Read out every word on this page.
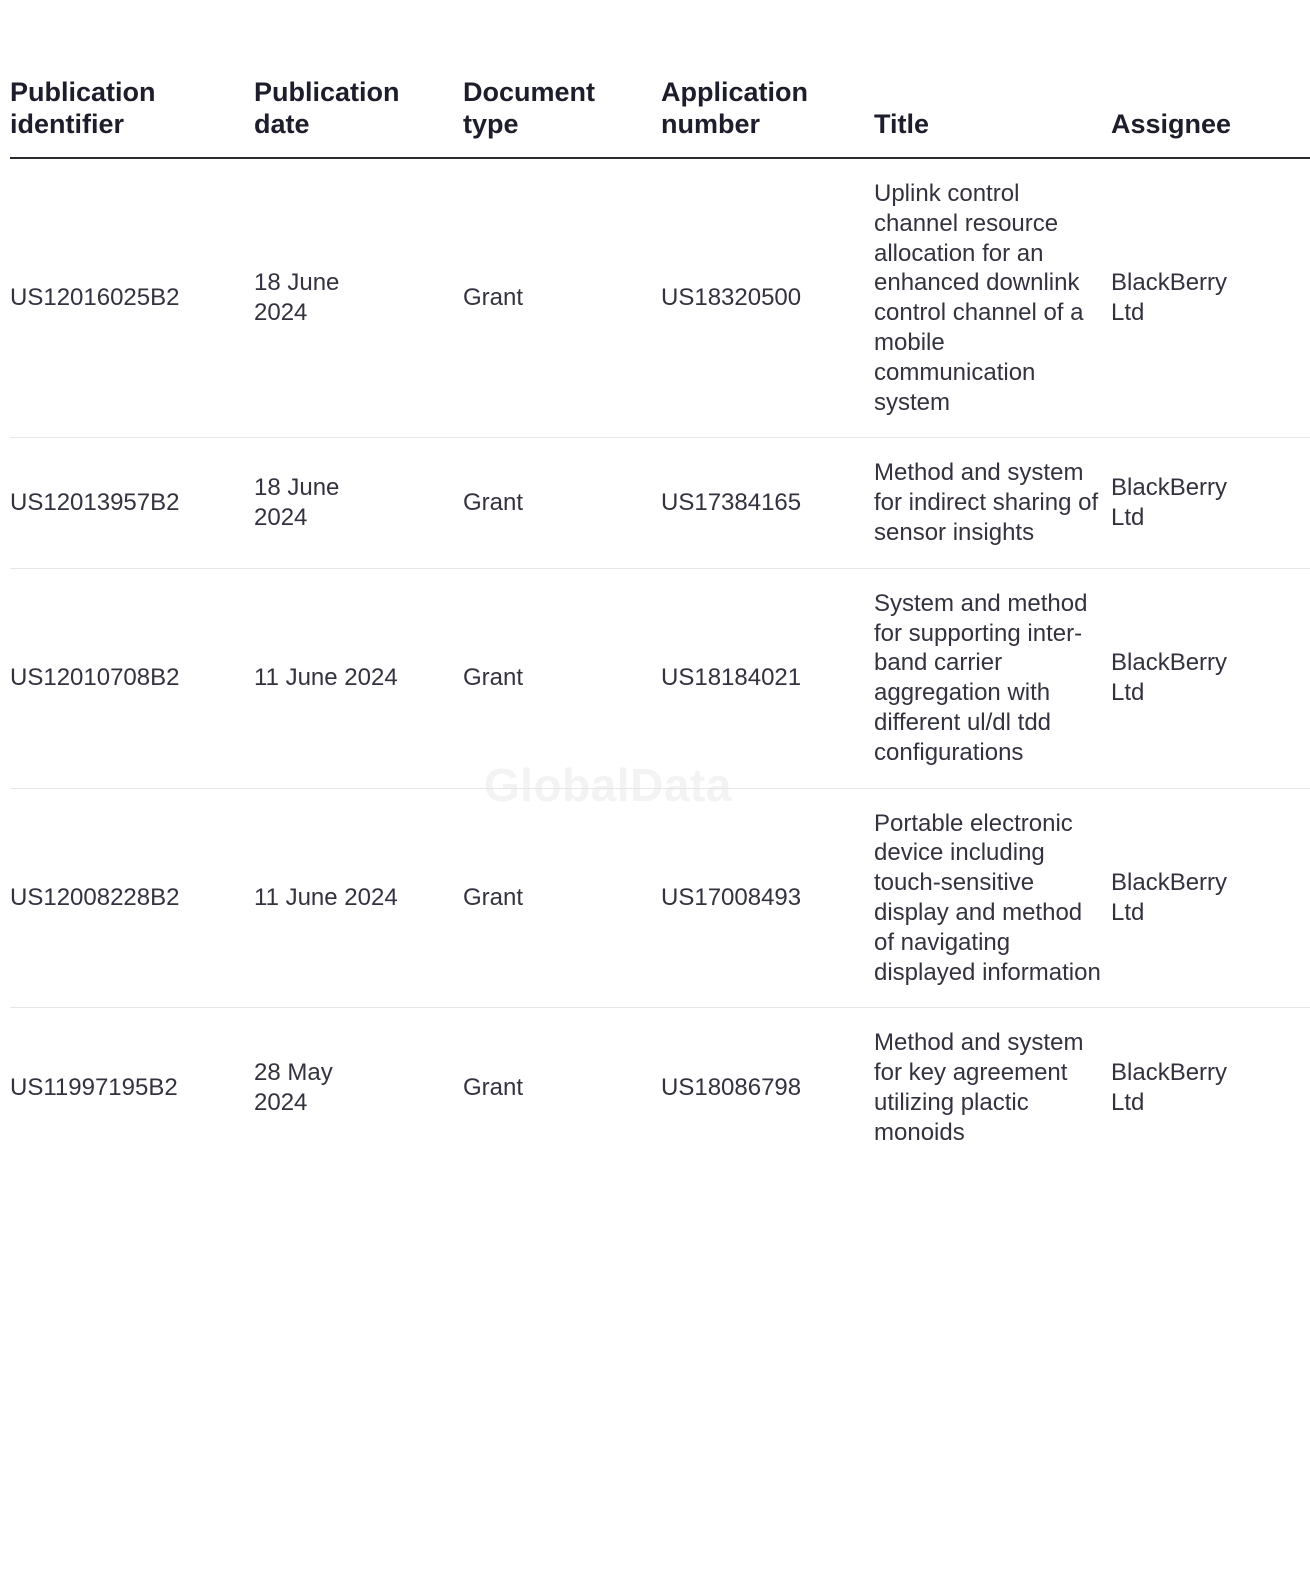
GlobalData
Publication identifier	Publication date	Document type	Application number	Title	Assignee
US12016025B2	18 June 2024	Grant	US18320500	Uplink control channel resource allocation for an enhanced downlink control channel of a mobile communication system	BlackBerry Ltd
US12013957B2	18 June 2024	Grant	US17384165	Method and system for indirect sharing of sensor insights	BlackBerry Ltd
US12010708B2	11 June 2024	Grant	US18184021	System and method for supporting inter-band carrier aggregation with different ul/dl tdd configurations	BlackBerry Ltd
US12008228B2	11 June 2024	Grant	US17008493	Portable electronic device including touch-sensitive display and method of navigating displayed information	BlackBerry Ltd
US11997195B2	28 May 2024	Grant	US18086798	Method and system for key agreement utilizing plactic monoids	BlackBerry Ltd
